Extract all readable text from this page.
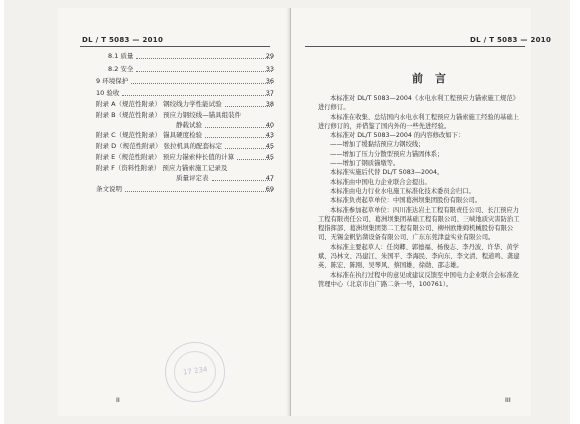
DL / T 5083 — 2010
8.1 质量	29
8.2 安全	33
9 环境保护	36
10 验收	37
附录 A（规范性附录） 钢绞线力学性能试验	38
附录 B（规范性附录） 预应力钢绞线—锚具组装件
静载试验	40
附录 C（规范性附录） 锚具硬度检验	43
附录 D（规范性附录） 张拉机具的配套标定	45
附录 E（规范性附录） 预应力锚索伸长值的计算	45
附录 F（资料性附录） 预应力锚索施工记录及
质量评定表	47
条文说明	69
17 234
II
DL / T 5083 — 2010
前 言

本标准对 DL/T 5083—2004《水电水利工程预应力锚索施工规范》进行修订。

本标准在收集、总结国内水电水利工程预应力锚索施工经验的基础上进行修订的，并借鉴了国内外的一些先进经验。

本标准对 DL/T 5083—2004 的内容修改如下：

——增加了缓黏结预应力钢绞线；

——增加了压力分散型预应力锚固体系；

——增加了钢质锚墩等。

本标准实施后代替 DL/T 5083—2004。

本标准由中国电力企业联合会提出。

本标准由电力行业水电施工标准化技术委员会归口。

本标准负责起草单位：中国葛洲坝集团股份有限公司。

本标准参加起草单位：四川准达岩土工程有限责任公司、长江预应力工程有限责任公司、葛洲坝集团基础工程有限公司、三峡地质灾害防治工程指挥部、葛洲坝集团第二工程有限公司、柳州欧维姆机械股份有限公司、无锡金帆钻凿设备有限公司、广东东莞津益实业有限公司。

本标准主要起草人：任岗卿、郭德福、杨俊志、李丹波、许华、黄学斌、冯林文、冯建江、朱国平、李海民、李向东、李文清、程道鸣、龚建英、陈宏、陈刚、吴琴风、蔡国雄、徐勋、邵志雄。

本标准在执行过程中的意见或建议反馈至中国电力企业联合会标准化管理中心（北京市白广路二条一号，100761）。

III
